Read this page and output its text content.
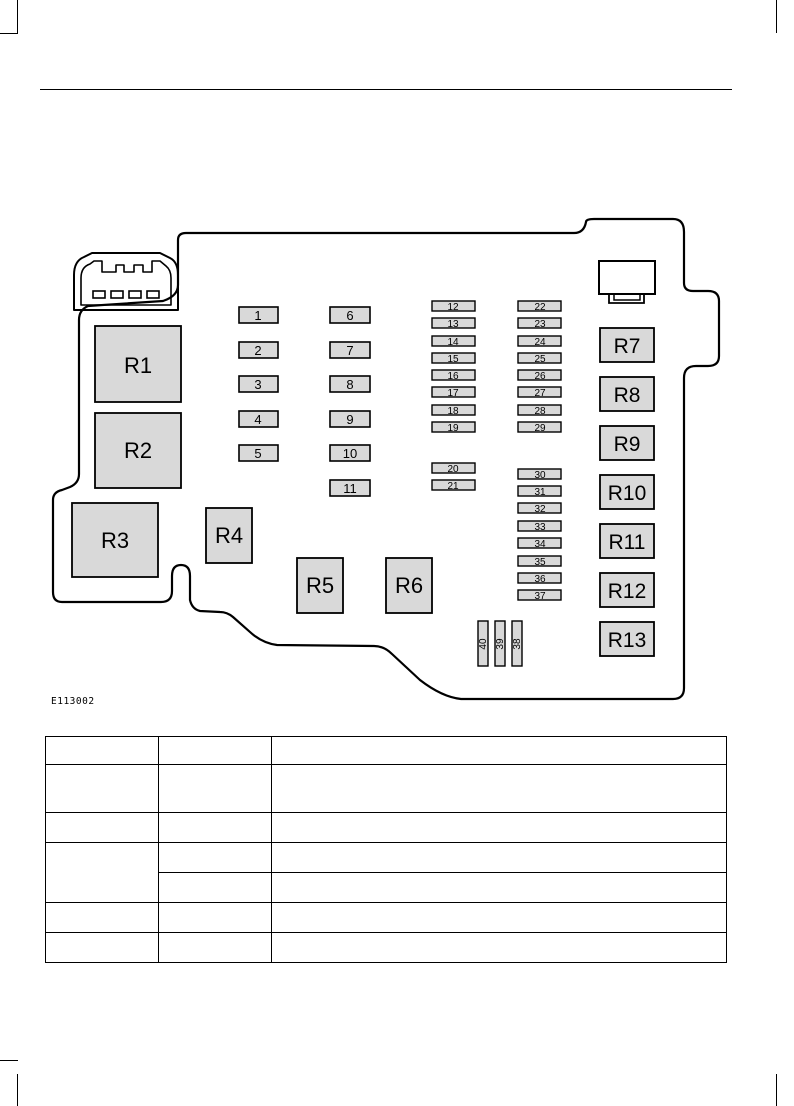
R1
R2
R3	R4
R5	R6
R7
R8
R9
R10
R11
R12
R13
1
2
3
4
5
6
7
8
9
10
11
12
13
14
15
16
17
18
19
20
21
22
23
24
25
26
27
28
29
30
31
32
33
34
35
36
37
40 39 38
E113002
